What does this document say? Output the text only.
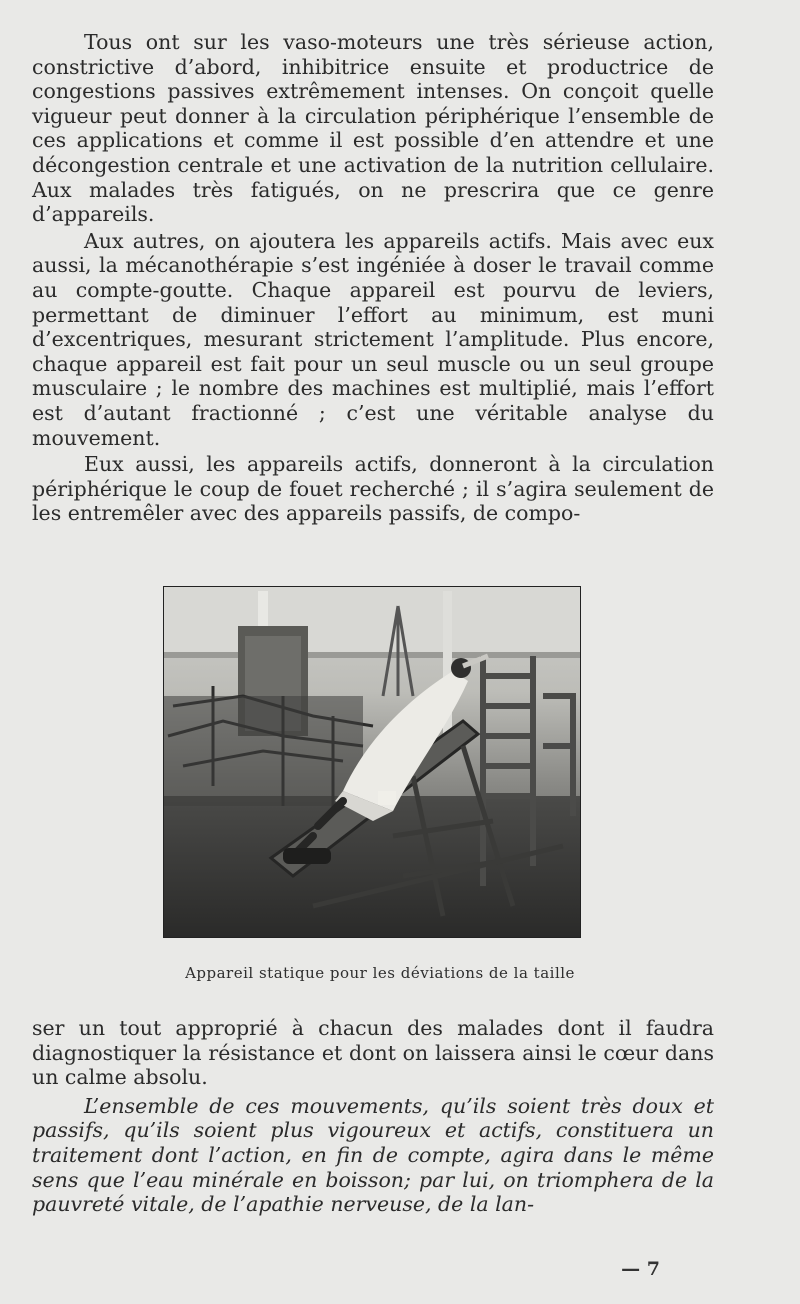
Tous ont sur les vaso-moteurs une très sérieuse action, constrictive d’abord, inhibitrice ensuite et productrice de congestions passives extrêmement intenses. On conçoit quelle vigueur peut donner à la circulation périphérique l’ensemble de ces applications et comme il est possible d’en attendre et une décongestion centrale et une activation de la nutrition cellulaire. Aux malades très fatigués, on ne prescrira que ce genre d’appareils.

Aux autres, on ajoutera les appareils actifs. Mais avec eux aussi, la mécanothérapie s’est ingéniée à doser le travail comme au compte-goutte. Chaque appareil est pourvu de leviers, permettant de diminuer l’effort au minimum, est muni d’excentriques, mesurant strictement l’amplitude. Plus encore, chaque appareil est fait pour un seul muscle ou un seul groupe musculaire ; le nombre des machines est multiplié, mais l’effort est d’autant fractionné ; c’est une véritable analyse du mouvement.

Eux aussi, les appareils actifs, donneront à la circulation périphérique le coup de fouet recherché ; il s’agira seulement de les entremêler avec des appareils passifs, de compo-

Appareil statique pour les déviations de la taille

ser un tout approprié à chacun des malades dont il faudra diagnostiquer la résistance et dont on laissera ainsi le cœur dans un calme absolu.

L’ensemble de ces mouvements, qu’ils soient très doux et passifs, qu’ils soient plus vigoureux et actifs, constituera un traitement dont l’action, en fin de compte, agira dans le même sens que l’eau minérale en boisson; par lui, on triomphera de la pauvreté vitale, de l’apathie nerveuse, de la lan-

— 7
